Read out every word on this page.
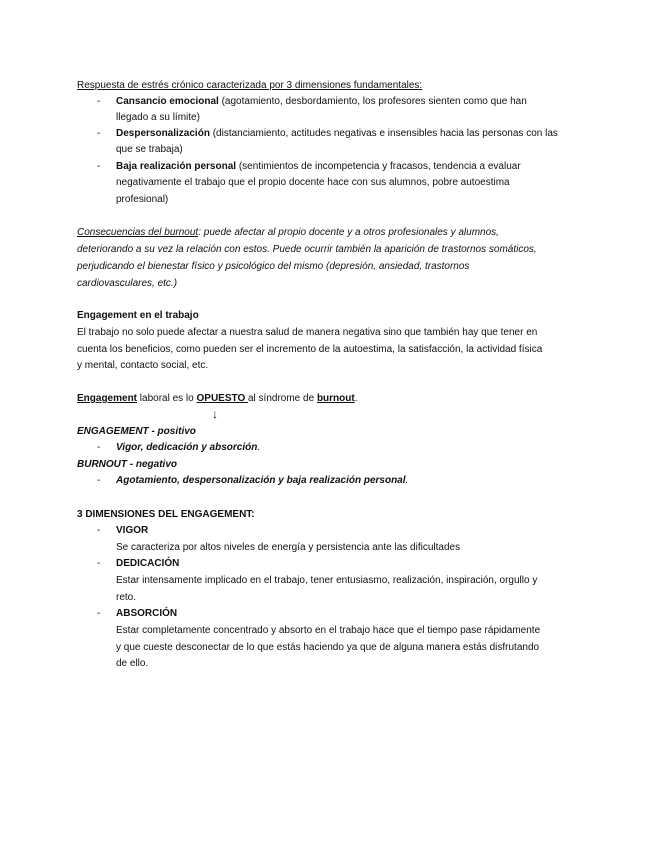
Respuesta de estrés crónico caracterizada por 3 dimensiones fundamentales:
- Cansancio emocional (agotamiento, desbordamiento, los profesores sienten como que han
llegado a su límite)
- Despersonalización (distanciamiento, actitudes negativas e insensibles hacia las personas con las
que se trabaja)
- Baja realización personal (sentimientos de incompetencia y fracasos, tendencia a evaluar
negativamente el trabajo que el propio docente hace con sus alumnos, pobre autoestima
profesional)
Consecuencias del burnout: puede afectar al propio docente y a otros profesionales y alumnos,
deteriorando a su vez la relación con estos. Puede ocurrir también la aparición de trastornos somáticos,
perjudicando el bienestar físico y psicológico del mismo (depresión, ansiedad, trastornos
cardiovasculares, etc.)
Engagement en el trabajo
El trabajo no solo puede afectar a nuestra salud de manera negativa sino que también hay que tener en
cuenta los beneficios, como pueden ser el incremento de la autoestima, la satisfacción, la actividad física
y mental, contacto social, etc.
Engagement laboral es lo OPUESTO al síndrome de burnout.
↓
ENGAGEMENT - positivo
- Vigor, dedicación y absorción.
BURNOUT - negativo
- Agotamiento, despersonalización y baja realización personal.
3 DIMENSIONES DEL ENGAGEMENT:
- VIGOR
Se caracteriza por altos niveles de energía y persistencia ante las dificultades
- DEDICACIÓN
Estar intensamente implicado en el trabajo, tener entusiasmo, realización, inspiración, orgullo y
reto.
- ABSORCIÓN
Estar completamente concentrado y absorto en el trabajo hace que el tiempo pase rápidamente
y que cueste desconectar de lo que estás haciendo ya que de alguna manera estás disfrutando
de ello.
